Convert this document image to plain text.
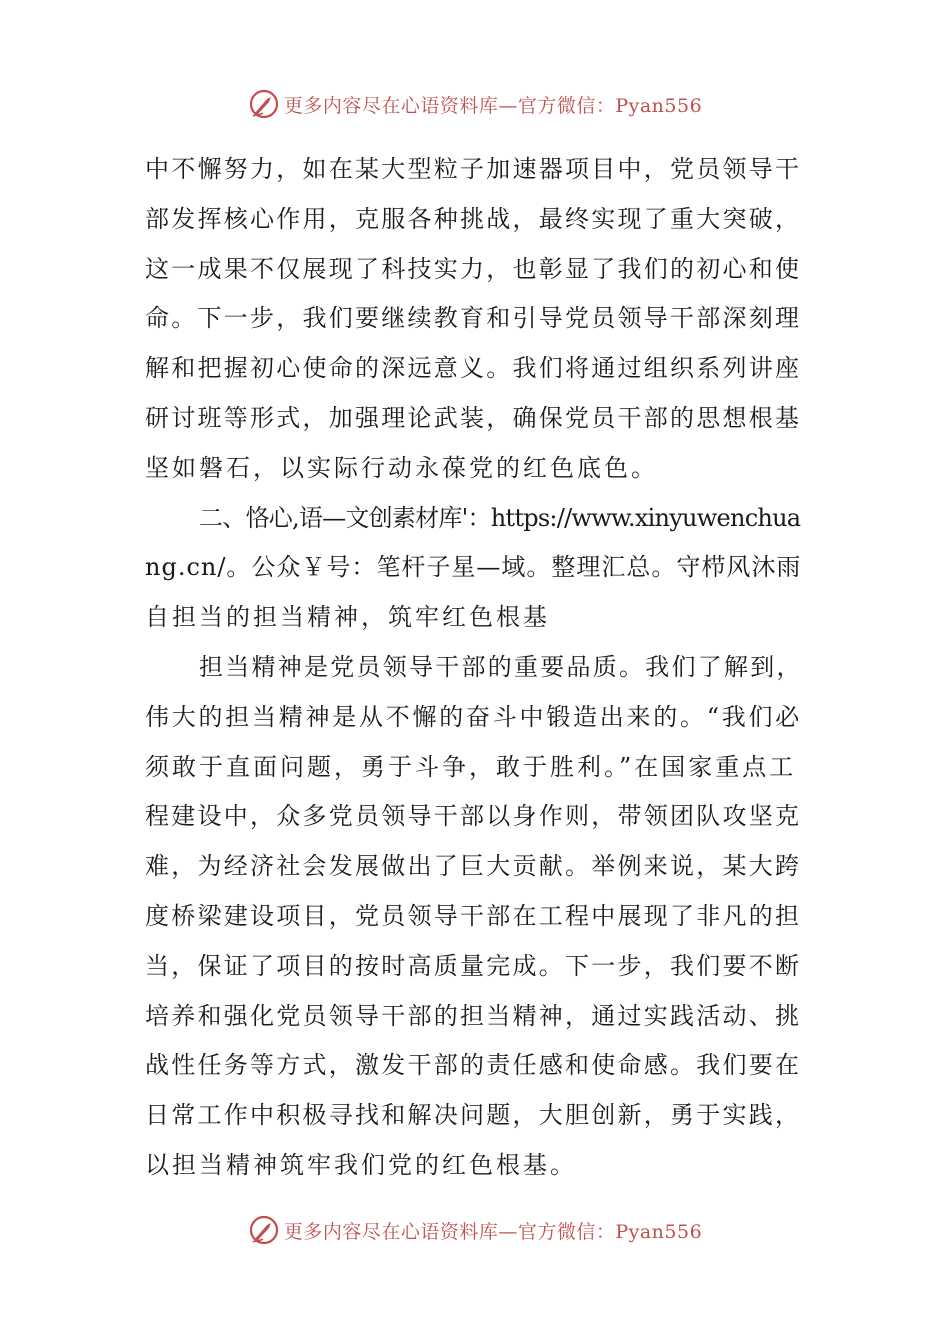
更多内容尽在心语资料库—官方微信：Pyan556
中不懈努力，如在某大型粒子加速器项目中，党员领导干
部发挥核心作用，克服各种挑战，最终实现了重大突破，
这一成果不仅展现了科技实力，也彰显了我们的初心和使
命。下一步，我们要继续教育和引导党员领导干部深刻理
解和把握初心使命的深远意义。我们将通过组织系列讲座
研讨班等形式，加强理论武装，确保党员干部的思想根基
坚如磐石，以实际行动永葆党的红色底色。
二、恪心,语—文创素材库'：https://www.xinyuwenchua
ng.cn/。公众￥号：笔杆子星—域。整理汇总。守栉风沐雨
自担当的担当精神，筑牢红色根基
担当精神是党员领导干部的重要品质。我们了解到，
伟大的担当精神是从不懈的奋斗中锻造出来的。“我们必
须敢于直面问题，勇于斗争，敢于胜利。”在国家重点工
程建设中，众多党员领导干部以身作则，带领团队攻坚克
难，为经济社会发展做出了巨大贡献。举例来说，某大跨
度桥梁建设项目，党员领导干部在工程中展现了非凡的担
当，保证了项目的按时高质量完成。下一步，我们要不断
培养和强化党员领导干部的担当精神，通过实践活动、挑
战性任务等方式，激发干部的责任感和使命感。我们要在
日常工作中积极寻找和解决问题，大胆创新，勇于实践，
以担当精神筑牢我们党的红色根基。
更多内容尽在心语资料库—官方微信：Pyan556
